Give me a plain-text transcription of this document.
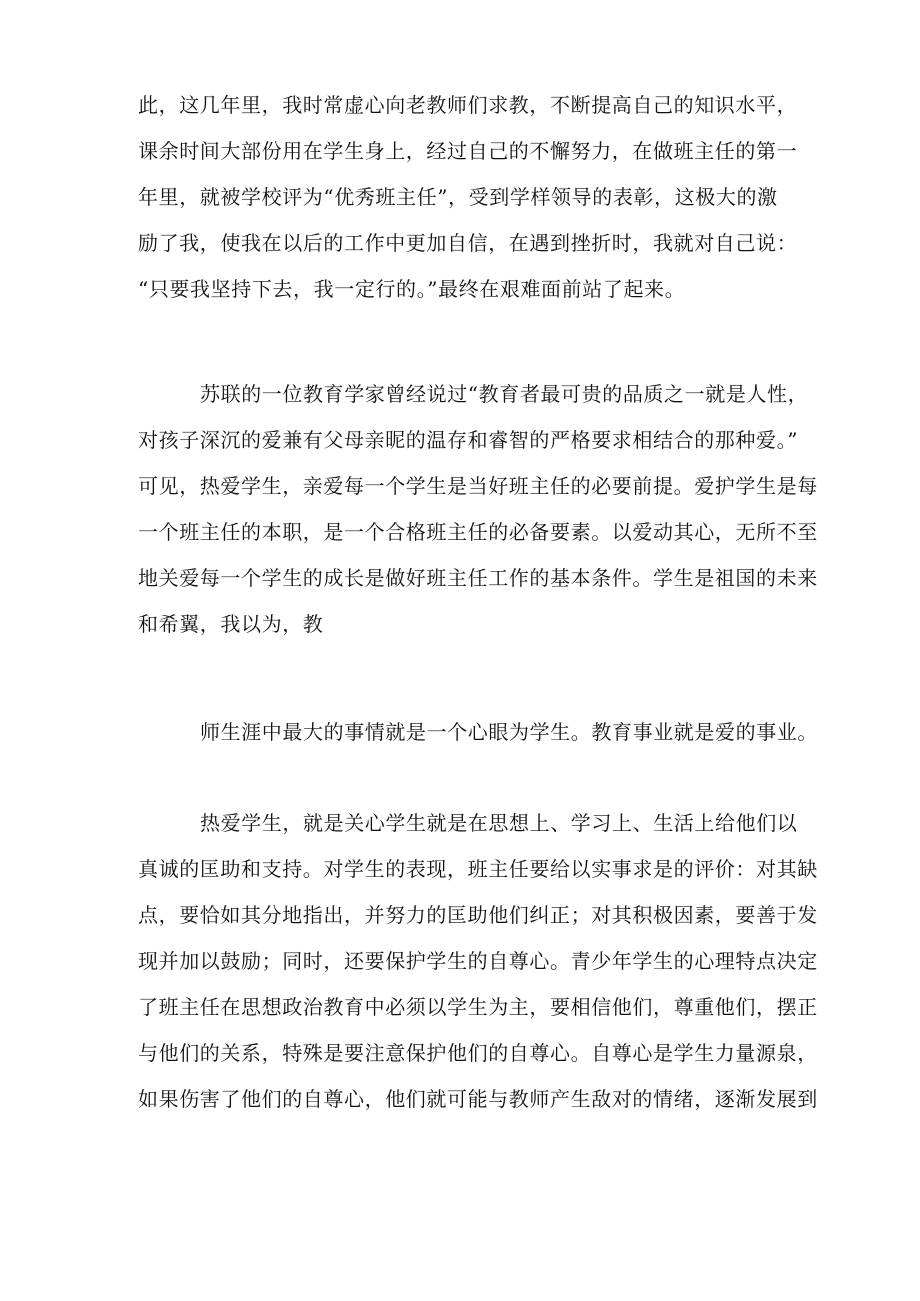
此，这几年里，我时常虚心向老教师们求教，不断提高自己的知识水平，
课余时间大部份用在学生身上，经过自己的不懈努力，在做班主任的第一
年里，就被学校评为“优秀班主任”，受到学样领导的表彰，这极大的激
励了我，使我在以后的工作中更加自信，在遇到挫折时，我就对自己说：
“只要我坚持下去，我一定行的。”最终在艰难面前站了起来。
苏联的一位教育学家曾经说过“教育者最可贵的品质之一就是人性，
对孩子深沉的爱兼有父母亲昵的温存和睿智的严格要求相结合的那种爱。”
可见，热爱学生，亲爱每一个学生是当好班主任的必要前提。爱护学生是每
一个班主任的本职，是一个合格班主任的必备要素。以爱动其心，无所不至
地关爱每一个学生的成长是做好班主任工作的基本条件。学生是祖国的未来
和希翼，我以为，教
师生涯中最大的事情就是一个心眼为学生。教育事业就是爱的事业。
热爱学生，就是关心学生就是在思想上、学习上、生活上给他们以
真诚的匡助和支持。对学生的表现，班主任要给以实事求是的评价：对其缺
点，要恰如其分地指出，并努力的匡助他们纠正；对其积极因素，要善于发
现并加以鼓励；同时，还要保护学生的自尊心。青少年学生的心理特点决定
了班主任在思想政治教育中必须以学生为主，要相信他们，尊重他们，摆正
与他们的关系，特殊是要注意保护他们的自尊心。自尊心是学生力量源泉，
如果伤害了他们的自尊心，他们就可能与教师产生敌对的情绪，逐渐发展到
